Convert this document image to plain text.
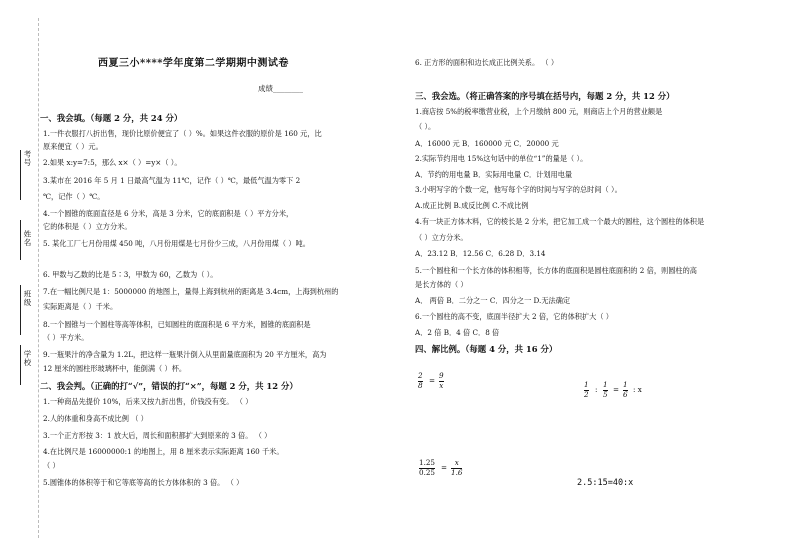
考号
姓名
班级
学校
西夏三小****学年度第二学期期中测试卷
成绩________
一、我会填。（每题 2 分，共 24 分）
1.一件衣服打八折出售，现价比原价便宜了（ ）%。如果这件衣服的原价是 160 元，比
原来便宜（ ）元。
2.如果 x:y=7:5，那么 x×（ ）=y×（ ）。
3.某市在 2016 年 5 月 1 日最高气温为 11℃，记作（ ）℃，最低气温为零下 2
℃，记作（ ）℃。
4.一个圆锥的底面直径是 6 分米，高是 3 分米，它的底面积是（ ）平方分米，
它的体积是（ ）立方分米。
5. 某化工厂七月份用煤 450 吨，八月份用煤是七月份少三成，八月份用煤（ ）吨。
6. 甲数与乙数的比是 5∶3，甲数为 60，乙数为（ ）。
7.在一幅比例尺是 1：5000000 的地图上，量得上海到杭州的距离是 3.4cm，上海到杭州的
实际距离是（ ）千米。
8.一个圆锥与一个圆柱等高等体积，已知圆柱的底面积是 6 平方米，圆锥的底面积是
（ ）平方米。
9.一瓶果汁的净含量为 1.2L，把这样一瓶果汁倒入从里面量底面积为 20 平方厘米，高为
12 厘米的圆柱形玻璃杯中，能倒满（ ）杯。
二、我会判。（正确的打“√”，错误的打“×”，每题 2 分，共 12 分）
1.一种商品先提价 10%，后来又按九折出售，价钱没有变。 （ ）
2.人的体重和身高不成比例 （ ）
3.一个正方形按 3：1 放大后，周长和面积都扩大到原来的 3 倍。 （ ）
4.在比例尺是 16000000:1 的地图上，用 8 厘米表示实际距离 160 千米。
（ ）
5.圆锥体的体积等于和它等底等高的长方体体积的 3 倍。 （ ）
6. 正方形的面积和边长成正比例关系。 （ ）
三、我会选。（将正确答案的序号填在括号内，每题 2 分，共 12 分）
1.商店按 5%的税率缴营业税，上个月缴纳 800 元，则商店上个月的营业额是
（ ）。
A．16000 元 B．160000 元 C．20000 元
2.实际节约用电 15%这句话中的单位“1”的量是（ ）。
A．节约的用电量 B．实际用电量 C．计划用电量
3.小明写字的个数一定，他写每个字的时间与写字的总时间（ ）。
A.成正比例 B.成反比例 C.不成比例
4.有一块正方体木料，它的棱长是 2 分米，把它加工成一个最大的圆柱，这个圆柱的体积是
（ ）立方分米。
A．23.12 B．12.56 C．6.28 D．3.14
5.一个圆柱和一个长方体的体积相等，长方体的底面积是圆柱底面积的 2 倍，则圆柱的高
是长方体的（ ）
A． 两倍 B．二分之一 C．四分之一 D.无法确定
6.一个圆柱的高不变，底面半径扩大 2 倍，它的体积扩大（ ）
A．2 倍 B．4 倍 C．8 倍
四、解比例。（每题 4 分，共 16 分）
2
8
=
9
x	1
2
:
1
5
=
1
6
: x
1.25
0.25
=
x
1.6
2.5:15=40:x
